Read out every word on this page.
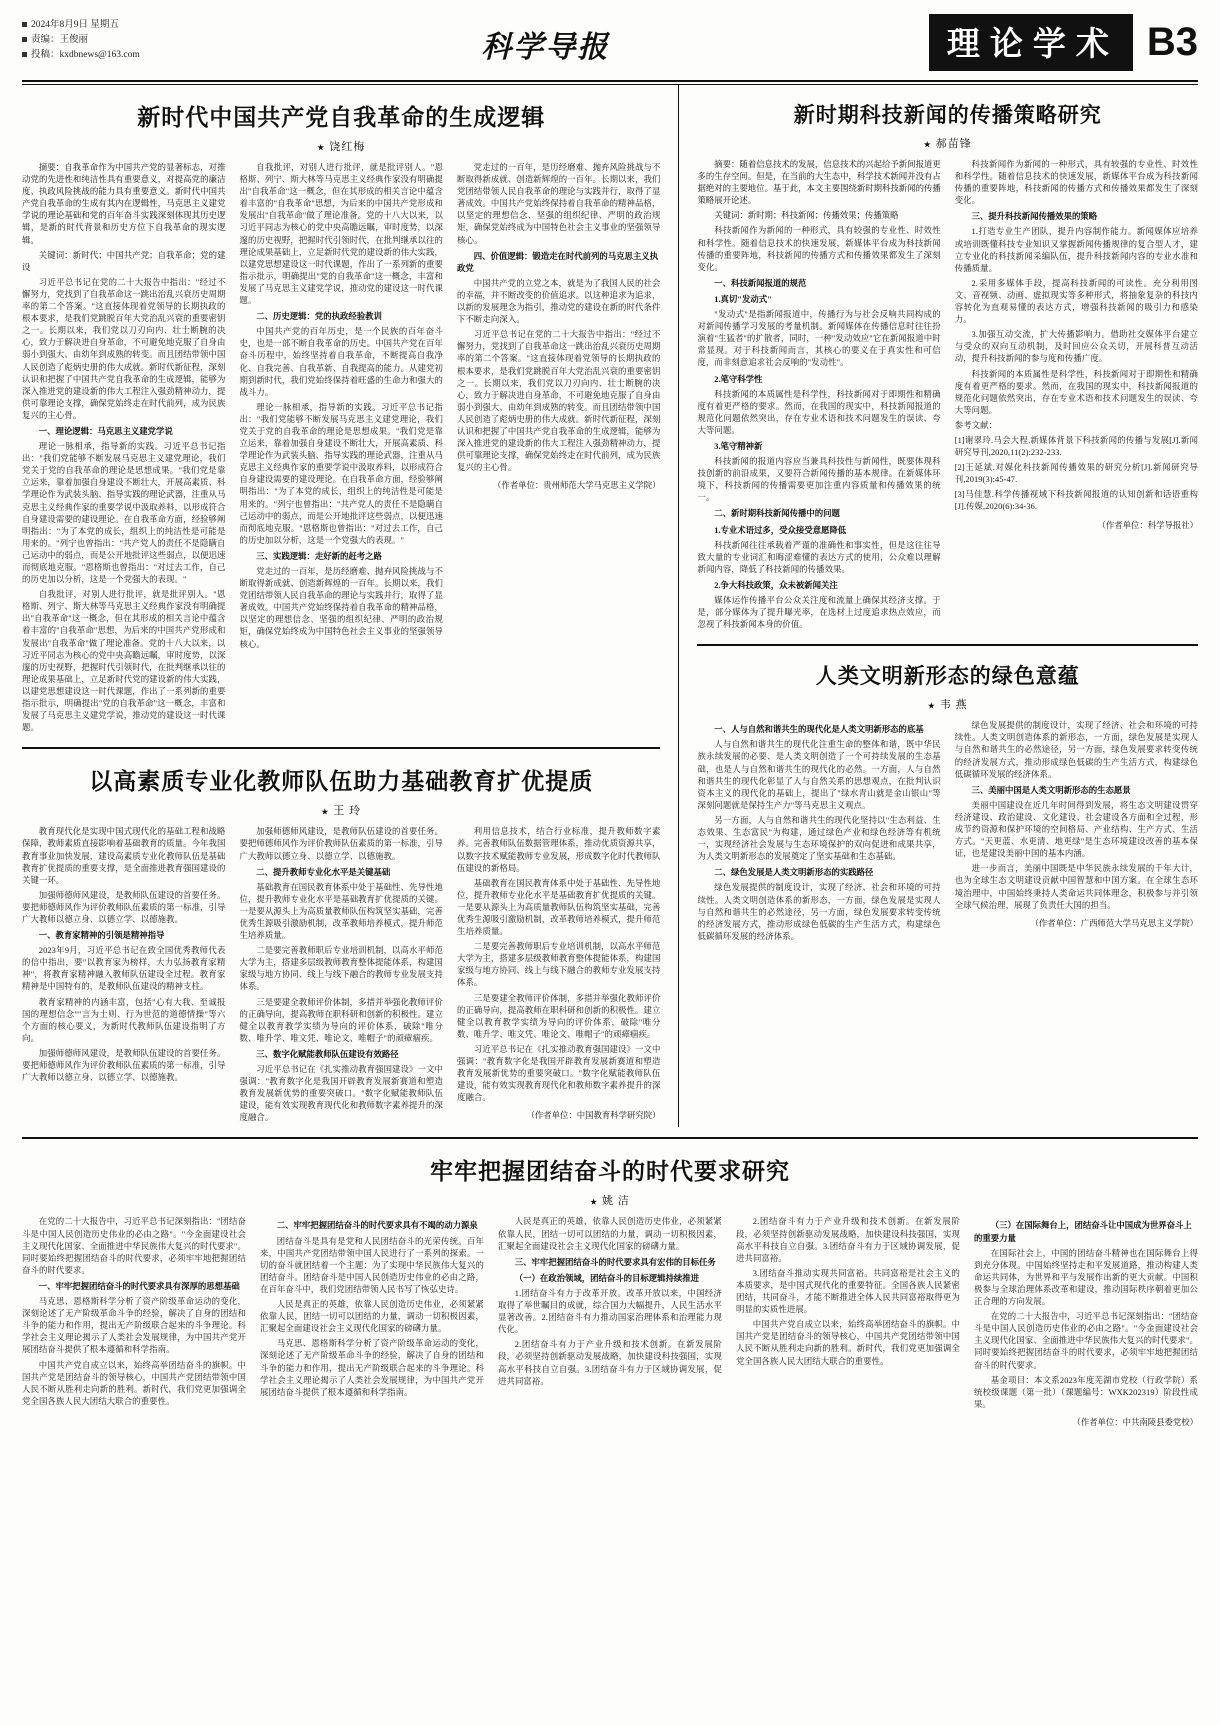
2024年8月9日 星期五
责编：王俊丽
投稿：kxdbnews@163.com	科学导报	理论学术 B3
新时代中国共产党自我革命的生成逻辑
饶红梅

摘要：自我革命作为中国共产党的显著标志，对推动党的先进性和纯洁性具有重要意义，对提高党的廉洁度、执政风险挑战的能力具有重要意义。新时代中国共产党自我革命的生成有其内在逻辑性，马克思主义建党学说的理论基础和党的百年奋斗实践深刻体现其历史逻辑，是新的时代背景和历史方位下自我革命的现实逻辑。

关键词：新时代；中国共产党；自我革命；党的建设

习近平总书记在党的二十大报告中指出："经过不懈努力，党找到了自我革命这一跳出治乱兴衰历史周期率的第二个答案。"这直接体现着党领导的长期执政的根本要求，是我们党跳脱百年大党治乱兴衰的重要密钥之一。长期以来，我们党以刀刃向内、壮士断腕的决心，致力于解决进自身革命，不可避免地克服了自身由弱小到强大、由幼年到成熟的转变。而且团结带领中国人民创造了彪炳史册的伟大成就。新时代新征程，深刻认识和把握了中国共产党自我革命的生成逻辑，能够为深入推进党的建设新的伟大工程注入强劲精神动力，提供可靠理论支撑，确保党始终走在时代前列，成为民族复兴的主心骨。

一、理论逻辑：马克思主义建党学说

理论一脉相承，指导新的实践。习近平总书记指出："我们党能够不断发展马克思主义建党理论，我们党关于党的自我革命的理论是思想成果。"我们党是靠立运来，靠着加强自身建设不断壮大，开展高素质、科学理论作为武装头脑、指导实践的理论武器，注重从马克思主义经典作家的重要学说中汲取养料，以形成符合自身建设需要的建设理论。在自我革命方面，经验够阐明指出："为了本党的成长，组织上的纯洁性是可能是用来的。"列宁也曾指出："共产党人的责任不是隐瞒自己运动中的弱点，而是公开地批评这些弱点，以便迅速而彻底地克服。"恩格斯也曾指出："对过去工作，自己的历史加以分析，这是一个党强大的表现。"

自我批评，对别人进行批评，就是批评别人。"恩格斯、列宁、斯大林等马克思主义经典作家没有明确提出"自我革命"这一概念，但在其形成的相关言论中蕴含着丰富的"自我革命"思想，为后来的中国共产党形成和发展出"自我革命"做了理论准备。党的十八大以来，以习近平同志为核心的党中央高瞻远瞩，审时度势，以深邃的历史视野，把握时代引领时代，在批判继承以往的理论成果基础上，立足新时代党的建设新的伟大实践，以建党思想建设这一时代课题，作出了一系列新的重要指示批示，明确提出"党的自我革命"这一概念，丰富和发展了马克思主义建党学说，推动党的建设这一时代课题。

自我批评，对别人进行批评，就是批评别人。"恩格斯、列宁、斯大林等马克思主义经典作家没有明确提出"自我革命"这一概念，但在其形成的相关言论中蕴含着丰富的"自我革命"思想，为后来的中国共产党形成和发展出"自我革命"做了理论准备。党的十八大以来，以习近平同志为核心的党中央高瞻远瞩，审时度势，以深邃的历史视野，把握时代引领时代，在批判继承以往的理论成果基础上，立足新时代党的建设新的伟大实践，以建党思想建设这一时代课题，作出了一系列新的重要指示批示，明确提出"党的自我革命"这一概念，丰富和发展了马克思主义建党学说，推动党的建设这一时代课题。

二、历史逻辑：党的执政经验教训

中国共产党的百年历史，是一个民族的百年奋斗史，也是一部不断自我革命的历史。中国共产党在百年奋斗历程中，始终坚持着自我革命，不断提高自我净化、自我完善、自我革新、自我提高的能力。从建党初期到新时代，我们党始终保持着旺盛的生命力和强大的战斗力。

理论一脉相承，指导新的实践。习近平总书记指出："我们党能够不断发展马克思主义建党理论，我们党关于党的自我革命的理论是思想成果。"我们党是靠立运来，靠着加强自身建设不断壮大，开展高素质、科学理论作为武装头脑、指导实践的理论武器，注重从马克思主义经典作家的重要学说中汲取养料，以形成符合自身建设需要的建设理论。在自我革命方面，经验够阐明指出："为了本党的成长，组织上的纯洁性是可能是用来的。"列宁也曾指出："共产党人的责任不是隐瞒自己运动中的弱点，而是公开地批评这些弱点，以便迅速而彻底地克服。"恩格斯也曾指出："对过去工作，自己的历史加以分析，这是一个党强大的表现。"

三、实践逻辑：走好新的赶考之路

党走过的一百年，是历经磨难、抛弃风险挑战与不断取得新成就、创造新辉煌的一百年。长期以来，我们党团结带领人民自我革命的理论与实践并行，取得了显著成效。中国共产党始终保持着自我革命的精神品格，以坚定的理想信念、坚强的组织纪律、严明的政治规矩，确保党始终成为中国特色社会主义事业的坚强领导核心。

党走过的一百年，是历经磨难、抛弃风险挑战与不断取得新成就、创造新辉煌的一百年。长期以来，我们党团结带领人民自我革命的理论与实践并行，取得了显著成效。中国共产党始终保持着自我革命的精神品格，以坚定的理想信念、坚强的组织纪律、严明的政治规矩，确保党始终成为中国特色社会主义事业的坚强领导核心。

四、价值逻辑：锻造走在时代前列的马克思主义执政党

中国共产党的立党之本，就是为了我国人民的社会的幸福，并不断改变的价值追求。以这种追求为追求，以新的发展理念为指引，推动党的建设在新的时代条件下不断走向深入。

习近平总书记在党的二十大报告中指出："经过不懈努力，党找到了自我革命这一跳出治乱兴衰历史周期率的第二个答案。"这直接体现着党领导的长期执政的根本要求，是我们党跳脱百年大党治乱兴衰的重要密钥之一。长期以来，我们党以刀刃向内、壮士断腕的决心，致力于解决进自身革命，不可避免地克服了自身由弱小到强大、由幼年到成熟的转变。而且团结带领中国人民创造了彪炳史册的伟大成就。新时代新征程，深刻认识和把握了中国共产党自我革命的生成逻辑，能够为深入推进党的建设新的伟大工程注入强劲精神动力，提供可靠理论支撑，确保党始终走在时代前列，成为民族复兴的主心骨。

（作者单位：贵州师范大学马克思主义学院）
以高素质专业化教师队伍助力基础教育扩优提质
王 玲

教育现代化是实现中国式现代化的基础工程和战略保障，教师素质直接影响着基础教育的质量。今年我国教育事业加快发展，建设高素质专业化教师队伍是基础教育扩优提质的重要支撑，是全面推进教育强国建设的关键一环。

加强师德师风建设，是教师队伍建设的首要任务。要把师德师风作为评价教师队伍素质的第一标准，引导广大教师以德立身、以德立学、以德施教。

一、教育家精神的引领是精神指导

2023年9月，习近平总书记在致全国优秀教师代表的信中指出，要"以教育家为榜样，大力弘扬教育家精神"，将教育家精神融入教师队伍建设全过程。教育家精神是中国特有的，是教师队伍建设的精神支柱。

教育家精神的内涵丰富，包括"心有大我、至诚报国的理想信念""言为士则、行为世范的道德情操"等六个方面的核心要义，为新时代教师队伍建设指明了方向。

加强师德师风建设，是教师队伍建设的首要任务。要把师德师风作为评价教师队伍素质的第一标准，引导广大教师以德立身、以德立学、以德施教。

加强师德师风建设，是教师队伍建设的首要任务。要把师德师风作为评价教师队伍素质的第一标准，引导广大教师以德立身、以德立学、以德施教。

二、提升教师专业化水平是关键基础

基础教育在国民教育体系中处于基础性、先导性地位，提升教师专业化水平是基础教育扩优提质的关键。一是要从源头上为高质量教师队伍构筑坚实基础，完善优秀生源吸引激励机制，改革教师培养模式，提升师范生培养质量。

二是要完善教师职后专业培训机制，以高水平师范大学为主，搭建多层级教师教育整体提能体系，构建国家级与地方协同、线上与线下融合的教师专业发展支持体系。

三是要建全教师评价体制，多措并举强化教师评价的正确导向，提高教师在职科研和创新的积极性。建立健全以教育教学实绩为导向的评价体系，破除"唯分数、唯升学、唯文凭、唯论文、唯帽子"的顽瘴痼疾。

三、数字化赋能教师队伍建设有效路径

习近平总书记在《扎实推动教育强国建设》一文中强调："教育数字化是我国开辟教育发展新赛道和塑造教育发展新优势的重要突破口。"数字化赋能教师队伍建设，能有效实现教育现代化和教师数字素养提升的深度融合。

利用信息技术，结合行业标准，提升教师数字素养。完善教师队伍数据管理体系，推动优质资源共享，以数字技术赋能教师专业发展，形成数字化时代教师队伍建设的新格局。

基础教育在国民教育体系中处于基础性、先导性地位，提升教师专业化水平是基础教育扩优提质的关键。一是要从源头上为高质量教师队伍构筑坚实基础，完善优秀生源吸引激励机制，改革教师培养模式，提升师范生培养质量。

二是要完善教师职后专业培训机制，以高水平师范大学为主，搭建多层级教师教育整体提能体系，构建国家级与地方协同、线上与线下融合的教师专业发展支持体系。

三是要建全教师评价体制，多措并举强化教师评价的正确导向，提高教师在职科研和创新的积极性。建立健全以教育教学实绩为导向的评价体系，破除"唯分数、唯升学、唯文凭、唯论文、唯帽子"的顽瘴痼疾。

习近平总书记在《扎实推动教育强国建设》一文中强调："教育数字化是我国开辟教育发展新赛道和塑造教育发展新优势的重要突破口。"数字化赋能教师队伍建设，能有效实现教育现代化和教师数字素养提升的深度融合。

（作者单位：中国教育科学研究院）
新时期科技新闻的传播策略研究
郝苗锋

摘要：随着信息技术的发展，信息技术的兴起给予新间报道更多的生存空间。但是，在当前的大生态中，科学技术新闻并没有占据绝对的主要地位。基于此，本文主要围绕新时期科技新闻的传播策略展开论述。

关键词：新时期；科技新闻；传播效果；传播策略

科技新闻作为新闻的一种形式，具有较强的专业性、时效性和科学性。随着信息技术的快速发展，新媒体平台成为科技新闻传播的重要阵地，科技新闻的传播方式和传播效果都发生了深刻变化。

一、科技新闻报道的规范

1.真切"发动式"

"发动式"是指新闻报道中，传播行为与社会反响共同构成的对新闻传播学习发展的考量机制。新闻媒体在传播信息时往往扮演着"生猛者"的扩散者，同时，一种"发动效应"它在新闻报道中时常显现。对于科技新闻而言，其核心的要义在于真实性和可信度，而非刻意追求社会反响的"发动性"。

2.笔守科学性

科技新闻的本质属性是科学性，科技新闻对于即期性和精确度有着更严格的要求。然而，在我国的现实中，科技新闻报道的规范化问题依然突出，存在专业术语和技术问题发生的误读、夸大等问题。

3.笔守精神新

科技新闻的报道内容应当兼具科技性与新闻性，既要体现科技创新的前沿成果，又要符合新闻传播的基本规律。在新媒体环境下，科技新闻的传播需要更加注重内容质量和传播效果的统一。

二、新时期科技新闻传播中的问题

1.专业术语过多，受众接受意愿降低

科技新闻往往承载着严谨的准确性和事实性，但是这往往导致大量的专业词汇和晦涩难懂的表达方式的使用，公众难以理解新闻内容，降低了科技新闻的传播效果。

2.争大科技政策，众未被新闻关注

媒体运作传播平台公众关注度和流量上确保其经济支撑。于是，部分媒体为了提升曝光率，在选材上过度追求热点效应，而忽视了科技新闻本身的价值。

科技新闻作为新闻的一种形式，具有较强的专业性、时效性和科学性。随着信息技术的快速发展，新媒体平台成为科技新闻传播的重要阵地，科技新闻的传播方式和传播效果都发生了深刻变化。

三、提升科技新闻传播效果的策略

1.打造专业生产团队，提升内容制作能力。新闻媒体应培养或培训既懂科技专业知识又掌握新闻传播规律的复合型人才，建立专业化的科技新闻采编队伍，提升科技新闻内容的专业水准和传播质量。

2.采用多媒体手段，提高科技新闻的可读性。充分利用图文、音视频、动画、虚拟现实等多种形式，将抽象复杂的科技内容转化为直观易懂的表达方式，增强科技新闻的吸引力和感染力。

3.加强互动交流，扩大传播影响力。借助社交媒体平台建立与受众的双向互动机制，及时回应公众关切，开展科普互动活动，提升科技新闻的参与度和传播广度。

科技新闻的本质属性是科学性，科技新闻对于即期性和精确度有着更严格的要求。然而，在我国的现实中，科技新闻报道的规范化问题依然突出，存在专业术语和技术问题发生的误读、夸大等问题。

参考文献：

[1]谢翠玲.马会大程.新媒体背景下科技新闻的传播与发展[J].新闻研究导刊,2020,11(2):232-233.

[2]王延斌.对媒化科技新闻传播效果的研究分析[J].新闻研究导刊,2019(3):45-47.

[3]马佳慧.科学传播视域下科技新闻报道的认知创新和话语重构[J].传媒,2020(6):34-36.

（作者单位：科学导报社）
人类文明新形态的绿色意蕴
韦 燕

一、人与自然和谐共生的现代化是人类文明新形态的底基

人与自然和谐共生的现代化注重生命的整体和谐，既中华民族永续发展的必要、是人类文明创造了一个可持续发展的生态基础，也是人与自然和谐共生的现代化的必然。一方面，人与自然和谐共生的现代化彰显了人与自然关系的思想观点，在批判认识资本主义的现代化的基础上，提出了"绿水青山就是金山银山"等深刻问题就是保持生产力"等马克思主义观点。

另一方面，人与自然和谐共生的现代化坚持以"生态利益、生态效果、生态富民"为构建，通过绿色产业和绿色经济等有机统一，实现经济社会发展与生态环境保护的双向促进和成果共享，为人类文明新形态的发展奠定了坚实基础和生态基础。

二、绿色发展是人类文明新形态的实践路径

绿色发展提供的制度设计，实现了经济、社会和环境的可持续性。人类文明创造体系的新形态，一方面，绿色发展是实现人与自然和谐共生的必然途径，另一方面，绿色发展要求转变传统的经济发展方式，推动形成绿色低碳的生产生活方式，构建绿色低碳循环发展的经济体系。

绿色发展提供的制度设计，实现了经济、社会和环境的可持续性。人类文明创造体系的新形态，一方面，绿色发展是实现人与自然和谐共生的必然途径，另一方面，绿色发展要求转变传统的经济发展方式，推动形成绿色低碳的生产生活方式，构建绿色低碳循环发展的经济体系。

三、美丽中国是人类文明新形态的生态愿景

美丽中国建设在近几年时间得到发展，将生态文明建设贯穿经济建设、政治建设、文化建设、社会建设各方面和全过程，形成节约资源和保护环境的空间格局、产业结构、生产方式、生活方式。"天更蓝、水更清、地更绿"是生态环境建设改善的基本保证，也是建设美丽中国的基本内涵。

进一步而言，美丽中国既是中华民族永续发展的千年大计，也为全球生态文明建设贡献中国智慧和中国方案。在全球生态环境治理中，中国始终秉持人类命运共同体理念，积极参与并引领全球气候治理，展现了负责任大国的担当。

（作者单位：广西师范大学马克思主义学院）
牢牢把握团结奋斗的时代要求研究
姚 洁

在党的二十大报告中，习近平总书记深刻指出："团结奋斗是中国人民创造历史伟业的必由之路"。"今金面建设社会主义现代化国家、全面推进中华民族伟大复兴的时代要求"。同时要始终把握团结奋斗的时代要求，必须牢牢地把握团结奋斗的时代要求。

一、牢牢把握团结奋斗的时代要求具有深厚的思想基础

马克思、恩格斯科学分析了资产阶级革命运动的变化，深刻论述了无产阶级革命斗争的经验，解决了自身的团结和斗争的能力和作用，提出无产阶级联合起来的斗争理论。科学社会主义理论揭示了人类社会发展规律，为中国共产党开展团结奋斗提供了根本遵循和科学指南。

中国共产党自成立以来，始终高举团结奋斗的旗帜。中国共产党是团结奋斗的领导核心，中国共产党团结带领中国人民不断从胜利走向新的胜利。新时代，我们党更加强调全党全国各族人民大团结大联合的重要性。

二、牢牢把握团结奋斗的时代要求具有不竭的动力源泉

团结奋斗是具有是党和人民团结奋斗的光荣传统。百年来，中国共产党团结带领中国人民进行了一系列的探索。一切的奋斗就团结着一个主题：为了实现中华民族伟大复兴的团结奋斗。团结奋斗是中国人民创造历史伟业的必由之路，在百年奋斗中，我们党团结带领人民书写了恢弘史诗。

人民是真正的英雄，依靠人民创造历史伟业，必须紧紧依靠人民，团结一切可以团结的力量，调动一切积极因素，汇聚起全面建设社会主义现代化国家的磅礴力量。

马克思、恩格斯科学分析了资产阶级革命运动的变化，深刻论述了无产阶级革命斗争的经验，解决了自身的团结和斗争的能力和作用，提出无产阶级联合起来的斗争理论。科学社会主义理论揭示了人类社会发展规律，为中国共产党开展团结奋斗提供了根本遵循和科学指南。

人民是真正的英雄，依靠人民创造历史伟业，必须紧紧依靠人民，团结一切可以团结的力量，调动一切积极因素，汇聚起全面建设社会主义现代化国家的磅礴力量。

三、牢牢把握团结奋斗的时代要求具有宏伟的目标任务

（一）在政治领域，团结奋斗的目标逻辑持续推进

1.团结奋斗有力于改革开放。改革开放以来，中国经济取得了举世瞩目的成就，综合国力大幅提升，人民生活水平显著改善。2.团结奋斗有力推动国家治理体系和治理能力现代化。

2.团结奋斗有力于产业升级和技术创新。在新发展阶段，必须坚持创新驱动发展战略，加快建设科技强国，实现高水平科技自立自强。3.团结奋斗有力于区域协调发展，促进共同富裕。

2.团结奋斗有力于产业升级和技术创新。在新发展阶段，必须坚持创新驱动发展战略，加快建设科技强国，实现高水平科技自立自强。3.团结奋斗有力于区域协调发展，促进共同富裕。

3.团结奋斗推动实现共同富裕。共同富裕是社会主义的本质要求，是中国式现代化的重要特征。全国各族人民紧密团结，共同奋斗，才能不断推进全体人民共同富裕取得更为明显的实质性进展。

中国共产党自成立以来，始终高举团结奋斗的旗帜。中国共产党是团结奋斗的领导核心，中国共产党团结带领中国人民不断从胜利走向新的胜利。新时代，我们党更加强调全党全国各族人民大团结大联合的重要性。

（三）在国际舞台上，团结奋斗让中国成为世界奋斗上的重要力量

在国际社会上，中国的团结奋斗精神也在国际舞台上得到充分体现。中国始终坚持走和平发展道路，推动构建人类命运共同体，为世界和平与发展作出新的更大贡献。中国积极参与全球治理体系改革和建设，推动国际秩序朝着更加公正合理的方向发展。

在党的二十大报告中，习近平总书记深刻指出："团结奋斗是中国人民创造历史伟业的必由之路"。"今金面建设社会主义现代化国家、全面推进中华民族伟大复兴的时代要求"。同时要始终把握团结奋斗的时代要求，必须牢牢地把握团结奋斗的时代要求。

基金项目：本文系2023年度芜湖市党校（行政学院）系统校级课题（第一批）（课题编号：WXK202319）阶段性成果。

（作者单位：中共南陵县委党校）
